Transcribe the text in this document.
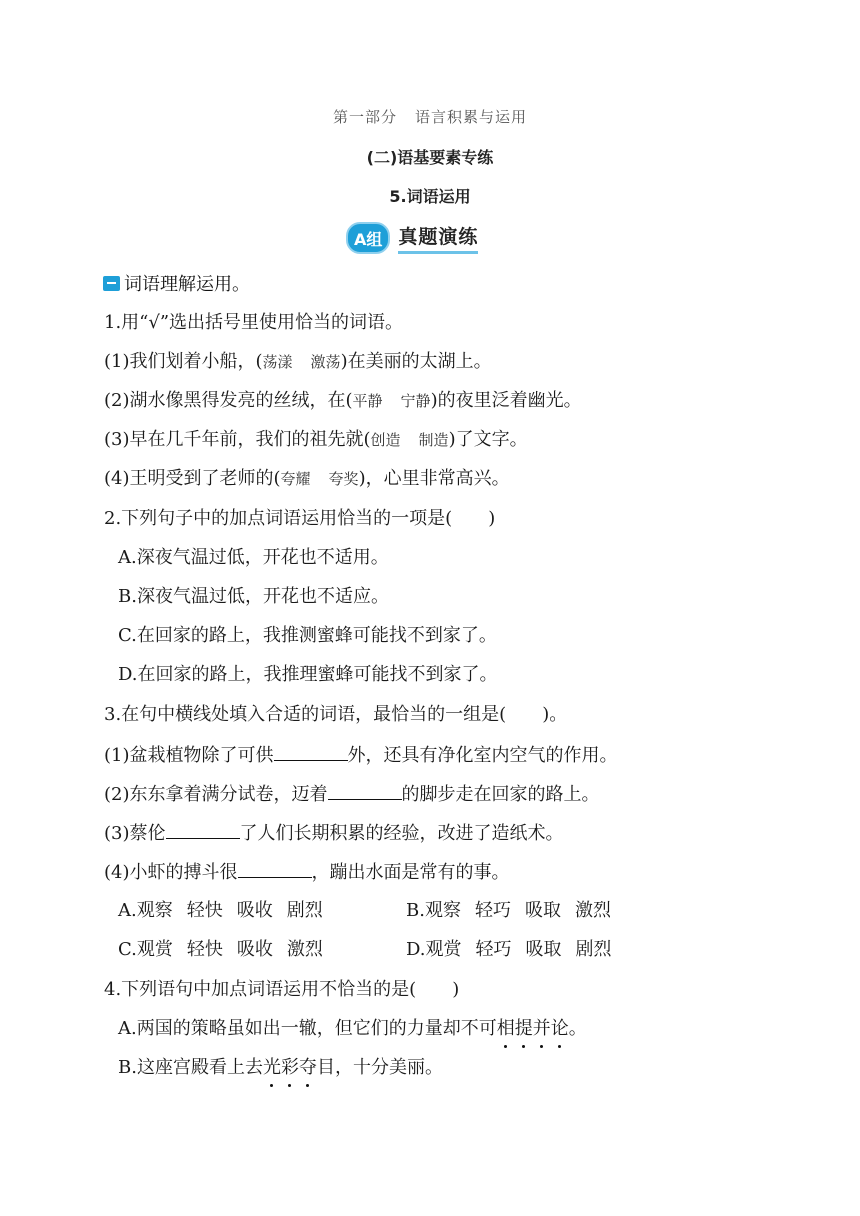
第一部分 语言积累与运用
(二)语基要素专练
5.词语运用
A组 真题演练
词语理解运用。
1.用“√”选出括号里使用恰当的词语。
(1)我们划着小船，(荡漾　 激荡)在美丽的太湖上。
(2)湖水像黑得发亮的丝绒，在(平静　 宁静)的夜里泛着幽光。
(3)早在几千年前，我们的祖先就(创造　 制造)了文字。
(4)王明受到了老师的(夸耀　 夸奖)，心里非常高兴。
2.下列句子中的加点词语运用恰当的一项是(　　)
A.深夜气温过低，开花也不适用。
B.深夜气温过低，开花也不适应。
C.在回家的路上，我推测蜜蜂可能找不到家了。
D.在回家的路上，我推理蜜蜂可能找不到家了。
3.在句中横线处填入合适的词语，最恰当的一组是(　　)。
(1)盆栽植物除了可供	外，还具有净化室内空气的作用。
(2)东东拿着满分试卷，迈着	的脚步走在回家的路上。
(3)蔡伦	了人们长期积累的经验，改进了造纸术。
(4)小虾的搏斗很	，蹦出水面是常有的事。
A.观察 轻快 吸收 剧烈	B.观察 轻巧 吸取 激烈
C.观赏 轻快 吸收 激烈	D.观赏 轻巧 吸取 剧烈
4.下列语句中加点词语运用不恰当的是(　　)
A.两国的策略虽如出一辙，但它们的力量却不可相提并论。
B.这座宫殿看上去光彩夺目，十分美丽。
